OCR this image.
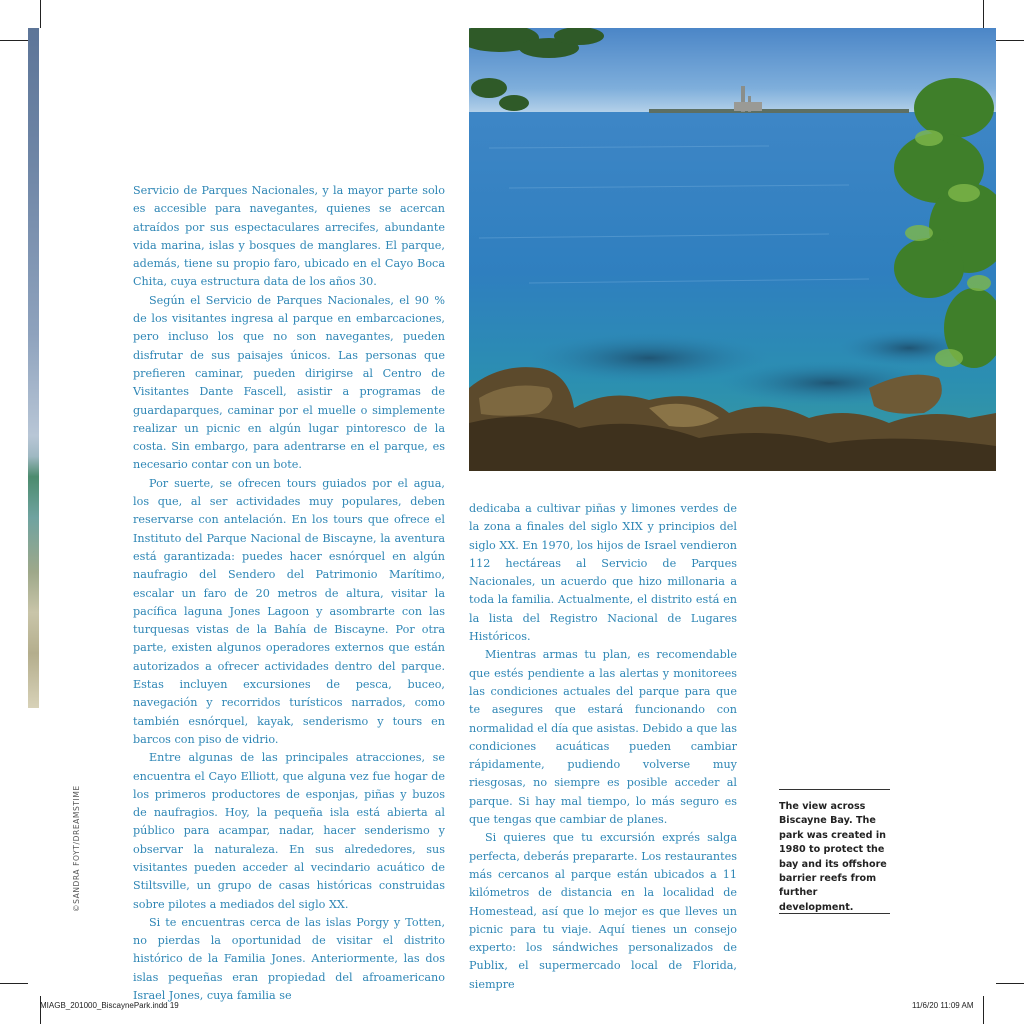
©SANDRA FOYT/DREAMSTIME

Servicio de Parques Nacionales, y la mayor parte solo es accesible para navegantes, quienes se acercan atraídos por sus espectaculares arrecifes, abundante vida marina, islas y bosques de manglares. El parque, además, tiene su propio faro, ubicado en el Cayo Boca Chita, cuya estructura data de los años 30.

Según el Servicio de Parques Nacionales, el 90 % de los visitantes ingresa al parque en embarcaciones, pero incluso los que no son navegantes, pueden disfrutar de sus paisajes únicos. Las personas que prefieren caminar, pueden dirigirse al Centro de Visitantes Dante Fascell, asistir a programas de guardaparques, caminar por el muelle o simplemente realizar un picnic en algún lugar pintoresco de la costa. Sin embargo, para adentrarse en el parque, es necesario contar con un bote.

Por suerte, se ofrecen tours guiados por el agua, los que, al ser actividades muy populares, deben reservarse con antelación. En los tours que ofrece el Instituto del Parque Nacional de Biscayne, la aventura está garantizada: puedes hacer esnórquel en algún naufragio del Sendero del Patrimonio Marítimo, escalar un faro de 20 metros de altura, visitar la pacífica laguna Jones Lagoon y asombrarte con las turquesas vistas de la Bahía de Biscayne. Por otra parte, existen algunos operadores externos que están autorizados a ofrecer actividades dentro del parque. Estas incluyen excursiones de pesca, buceo, navegación y recorridos turísticos narrados, como también esnórquel, kayak, senderismo y tours en barcos con piso de vidrio.

Entre algunas de las principales atracciones, se encuentra el Cayo Elliott, que alguna vez fue hogar de los primeros productores de esponjas, piñas y buzos de naufragios. Hoy, la pequeña isla está abierta al público para acampar, nadar, hacer senderismo y observar la naturaleza. En sus alrededores, sus visitantes pueden acceder al vecindario acuático de Stiltsville, un grupo de casas históricas construidas sobre pilotes a mediados del siglo XX.

Si te encuentras cerca de las islas Porgy y Totten, no pierdas la oportunidad de visitar el distrito histórico de la Familia Jones. Anteriormente, las dos islas pequeñas eran propiedad del afroamericano Israel Jones, cuya familia se

dedicaba a cultivar piñas y limones verdes de la zona a finales del siglo XIX y principios del siglo XX. En 1970, los hijos de Israel vendieron 112 hectáreas al Servicio de Parques Nacionales, un acuerdo que hizo millonaria a toda la familia. Actualmente, el distrito está en la lista del Registro Nacional de Lugares Históricos.

Mientras armas tu plan, es recomendable que estés pendiente a las alertas y monitorees las condiciones actuales del parque para que te asegures que estará funcionando con normalidad el día que asistas. Debido a que las condiciones acuáticas pueden cambiar rápidamente, pudiendo volverse muy riesgosas, no siempre es posible acceder al parque. Si hay mal tiempo, lo más seguro es que tengas que cambiar de planes.

Si quieres que tu excursión exprés salga perfecta, deberás prepararte. Los restaurantes más cercanos al parque están ubicados a 11 kilómetros de distancia en la localidad de Homestead, así que lo mejor es que lleves un picnic para tu viaje. Aquí tienes un consejo experto: los sándwiches personalizados de Publix, el supermercado local de Florida, siempre

The view across Biscayne Bay. The park was created in 1980 to protect the bay and its offshore barrier reefs from further development.
MIAGB_201000_BiscaynePark.indd 19	11/6/20 11:09 AM
